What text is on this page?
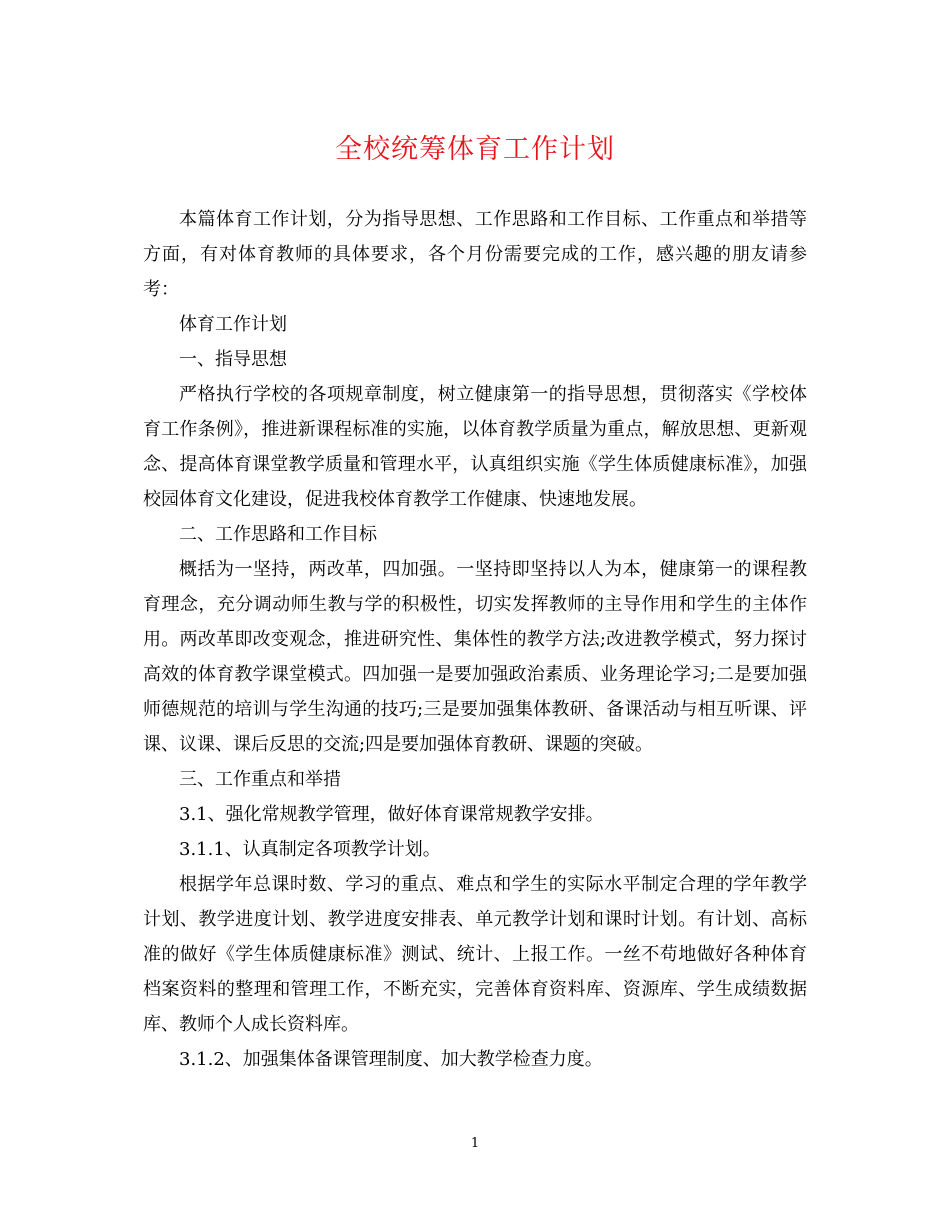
全校统筹体育工作计划

本篇体育工作计划，分为指导思想、工作思路和工作目标、工作重点和举措等方面，有对体育教师的具体要求，各个月份需要完成的工作，感兴趣的朋友请参考：

体育工作计划

一、指导思想

严格执行学校的各项规章制度，树立健康第一的指导思想，贯彻落实《学校体育工作条例》，推进新课程标准的实施，以体育教学质量为重点，解放思想、更新观念、提高体育课堂教学质量和管理水平，认真组织实施《学生体质健康标准》，加强校园体育文化建设，促进我校体育教学工作健康、快速地发展。

二、工作思路和工作目标

概括为一坚持，两改革，四加强。一坚持即坚持以人为本，健康第一的课程教育理念，充分调动师生教与学的积极性，切实发挥教师的主导作用和学生的主体作用。两改革即改变观念，推进研究性、集体性的教学方法;改进教学模式，努力探讨高效的体育教学课堂模式。四加强一是要加强政治素质、业务理论学习;二是要加强师德规范的培训与学生沟通的技巧;三是要加强集体教研、备课活动与相互听课、评课、议课、课后反思的交流;四是要加强体育教研、课题的突破。

三、工作重点和举措

3.1、强化常规教学管理，做好体育课常规教学安排。

3.1.1、认真制定各项教学计划。

根据学年总课时数、学习的重点、难点和学生的实际水平制定合理的学年教学计划、教学进度计划、教学进度安排表、单元教学计划和课时计划。有计划、高标准的做好《学生体质健康标准》测试、统计、上报工作。一丝不苟地做好各种体育档案资料的整理和管理工作，不断充实，完善体育资料库、资源库、学生成绩数据库、教师个人成长资料库。

3.1.2、加强集体备课管理制度、加大教学检查力度。

1
